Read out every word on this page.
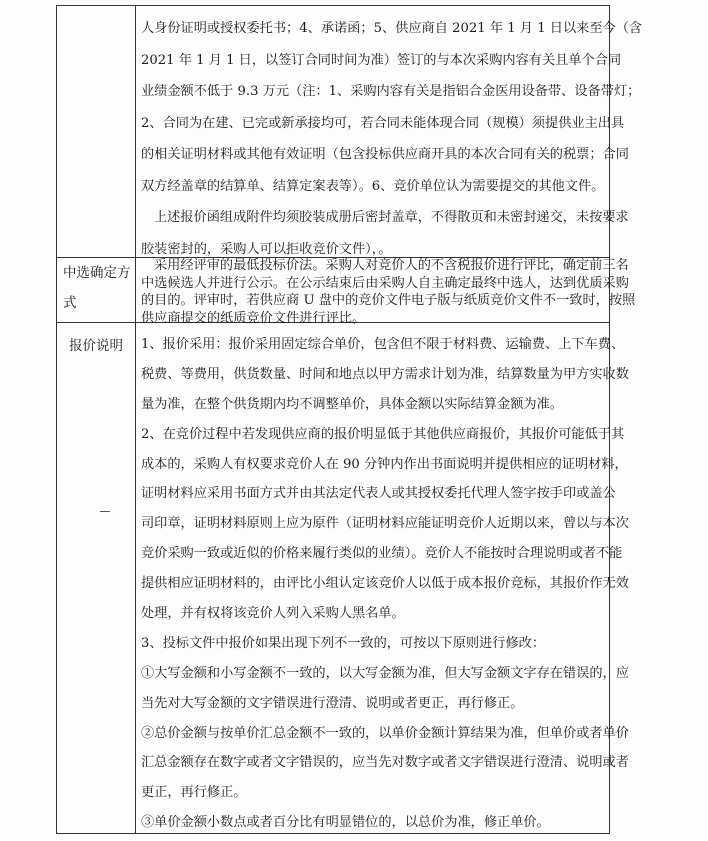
人身份证明或授权委托书；4、承诺函；5、供应商自 2021 年 1 月 1 日以来至今（含
2021 年 1 月 1 日，以签订合同时间为准）签订的与本次采购内容有关且单个合同
业绩金额不低于 9.3 万元（注：1、采购内容有关是指铝合金医用设备带、设备带灯；
2、合同为在建、已完或新承接均可，若合同未能体现合同（规模）须提供业主出具
的相关证明材料或其他有效证明（包含投标供应商开具的本次合同有关的税票；合同
双方经盖章的结算单、结算定案表等）。6、竞价单位认为需要提交的其他文件。
上述报价函组成附件均须胶装成册后密封盖章，不得散页和未密封递交，未按要求
胶装密封的，采购人可以拒收竞价文件），。
中选确定方
式
采用经评审的最低投标价法。采购人对竞价人的不含税报价进行评比，确定前三名
中选候选人并进行公示。在公示结束后由采购人自主确定最终中选人，达到优质采购
的目的。评审时，若供应商 U 盘中的竞价文件电子版与纸质竞价文件不一致时，按照
供应商提交的纸质竞价文件进行评比。
报价说明	1、报价采用：报价采用固定综合单价，包含但不限于材料费、运输费、上下车费、
税费、等费用，供货数量、时间和地点以甲方需求计划为准，结算数量为甲方实收数
量为准，在整个供货期内均不调整单价，具体金额以实际结算金额为准。
2、在竞价过程中若发现供应商的报价明显低于其他供应商报价，其报价可能低于其
成本的，采购人有权要求竞价人在 90 分钟内作出书面说明并提供相应的证明材料，
证明材料应采用书面方式并由其法定代表人或其授权委托代理人签字按手印或盖公
司印章，证明材料原则上应为原件（证明材料应能证明竞价人近期以来，曾以与本次
竞价采购一致或近似的价格来履行类似的业绩）。竞价人不能按时合理说明或者不能
提供相应证明材料的，由评比小组认定该竞价人以低于成本报价竞标，其报价作无效
处理，并有权将该竞价人列入采购人黑名单。
3、投标文件中报价如果出现下列不一致的，可按以下原则进行修改：
①大写金额和小写金额不一致的，以大写金额为准，但大写金额文字存在错误的，应
当先对大写金额的文字错误进行澄清、说明或者更正，再行修正。
②总价金额与按单价汇总金额不一致的，以单价金额计算结果为准，但单价或者单价
汇总金额存在数字或者文字错误的，应当先对数字或者文字错误进行澄清、说明或者
更正，再行修正。
③单价金额小数点或者百分比有明显错位的，以总价为准，修正单价。
